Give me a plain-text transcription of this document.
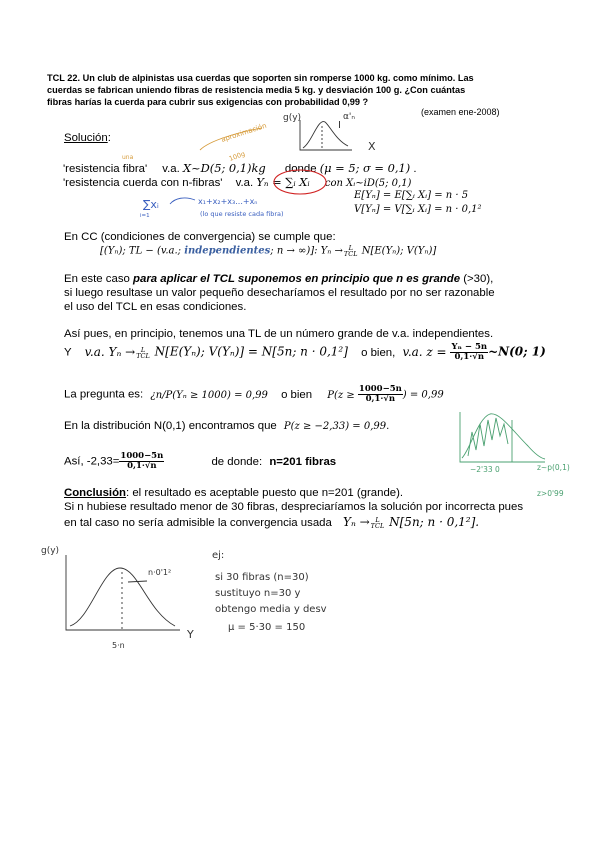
TCL 22. Un club de alpinistas usa cuerdas que soporten sin romperse 1000 kg. como mínimo. Las
cuerdas se fabrican uniendo fibras de resistencia media 5 kg. y desviación 100 g. ¿Con cuántas
fibras harías la cuerda para cubrir sus exigencias con probabilidad 0,99 ?
(examen ene-2008)
Solución:
'resistencia fibra' v.a. X~D(5; 0,1)kg donde (μ = 5; σ = 0,1) .
'resistencia cuerda con n-fibras' v.a. Yₙ = ∑ᵢ Xᵢ con Xᵢ~iD(5; 0,1)
E[Yₙ] = E[∑ᵢ Xᵢ] = n · 5
V[Yₙ] = V[∑ᵢ Xᵢ] = n · 0,1²
En CC (condiciones de convergencia) se cumple que:
[(Yₙ); TL − (v.a.; independientes; n → ∞)]: Yₙ → L
TCL N[E(Yₙ); V(Yₙ)]
En este caso para aplicar el TCL suponemos en principio que n es grande (>30),
si luego resultase un valor pequeño desecharíamos el resultado por no ser razonable
el uso del TCL en esas condiciones.
Así pues, en principio, tenemos una TL de un número grande de v.a. independientes.
Y v.a. Yₙ → L
TCL N[E(Yₙ); V(Yₙ)] = N[5n; n · 0,1²] o bien, v.a. $z = \frac{\text{Yₙ − 5n}}{0,1\cdot√n}$ ~N(0; 1)
La pregunta es: ¿n/P(Yₙ ≥ 1000) = 0,99 o bien $P(z \ge \frac{1000-5n}{0,1\cdot√n}$ ) = 0,99
En la distribución N(0,1) encontramos que P(z ≥ −2,33) = 0,99.
Así, $-2,33= \frac{1000-5n}{0,1\cdot√n}$	de donde: n=201 fibras
Conclusión: el resultado es aceptable puesto que n=201 (grande).
Si n hubiese resultado menor de 30 fibras, despreciaríamos la solución por incorrecta pues
en tal caso no sería admisible la convergencia usada Yₙ → L
TCL N[5n; n · 0,1²].
g(y)	α'ₙ
X
I
aproximación
100g
una
∑xᵢ
i=1
x₁+x₂+x₃...+xₙ
(lo que resiste cada fibra)
−2'33 0	z~p(0,1)
z>0'99
g(y)
n·0'1²
5·n
Y
ej:
si 30 fibras (n=30)
sustituyo n=30 y
obtengo media y desv
μ = 5·30 = 150
